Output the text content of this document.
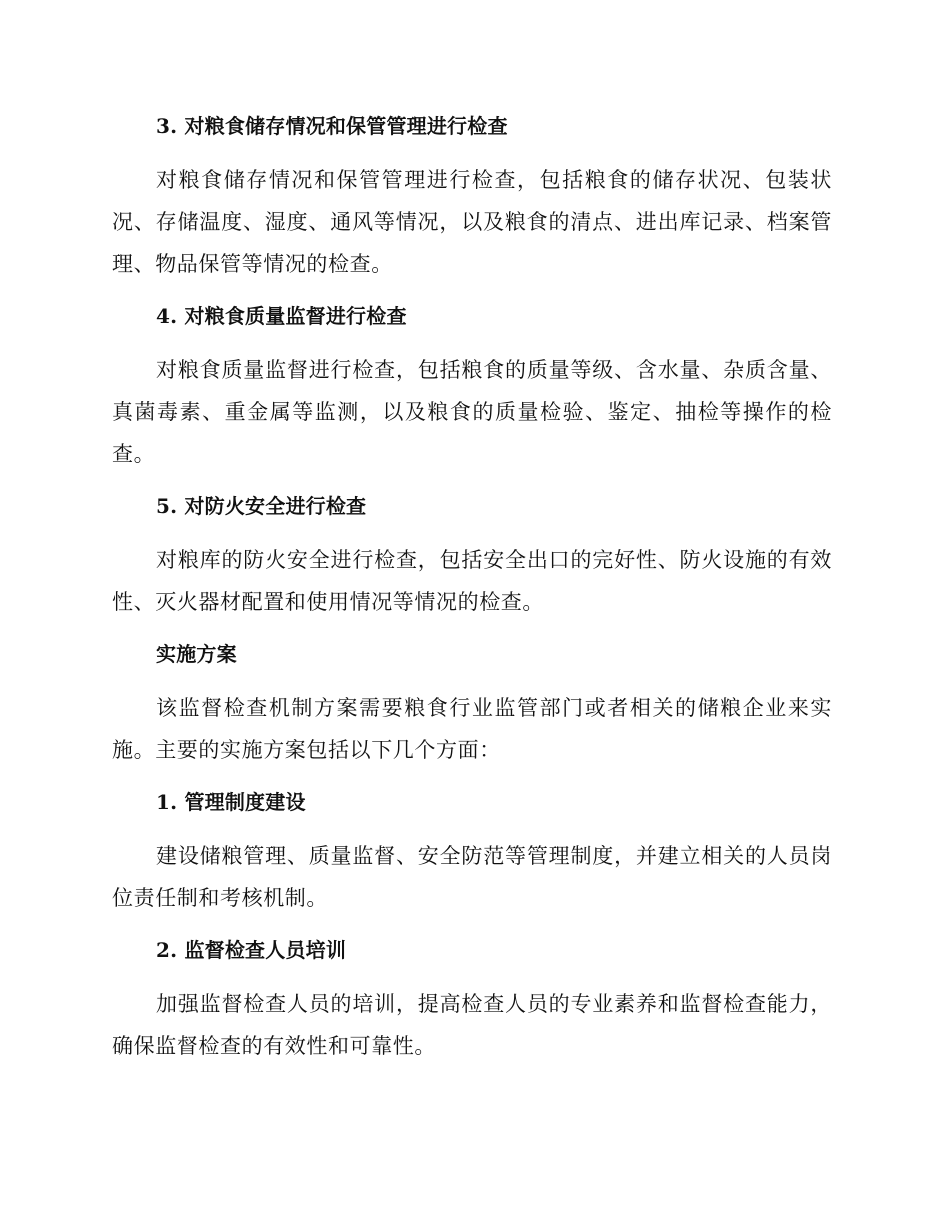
3. 对粮食储存情况和保管管理进行检查

对粮食储存情况和保管管理进行检查，包括粮食的储存状况、包装状况、存储温度、湿度、通风等情况，以及粮食的清点、进出库记录、档案管理、物品保管等情况的检查。

4. 对粮食质量监督进行检查

对粮食质量监督进行检查，包括粮食的质量等级、含水量、杂质含量、真菌毒素、重金属等监测，以及粮食的质量检验、鉴定、抽检等操作的检查。

5. 对防火安全进行检查

对粮库的防火安全进行检查，包括安全出口的完好性、防火设施的有效性、灭火器材配置和使用情况等情况的检查。

实施方案

该监督检查机制方案需要粮食行业监管部门或者相关的储粮企业来实施。主要的实施方案包括以下几个方面：

1. 管理制度建设

建设储粮管理、质量监督、安全防范等管理制度，并建立相关的人员岗位责任制和考核机制。

2. 监督检查人员培训

加强监督检查人员的培训，提高检查人员的专业素养和监督检查能力，确保监督检查的有效性和可靠性。
